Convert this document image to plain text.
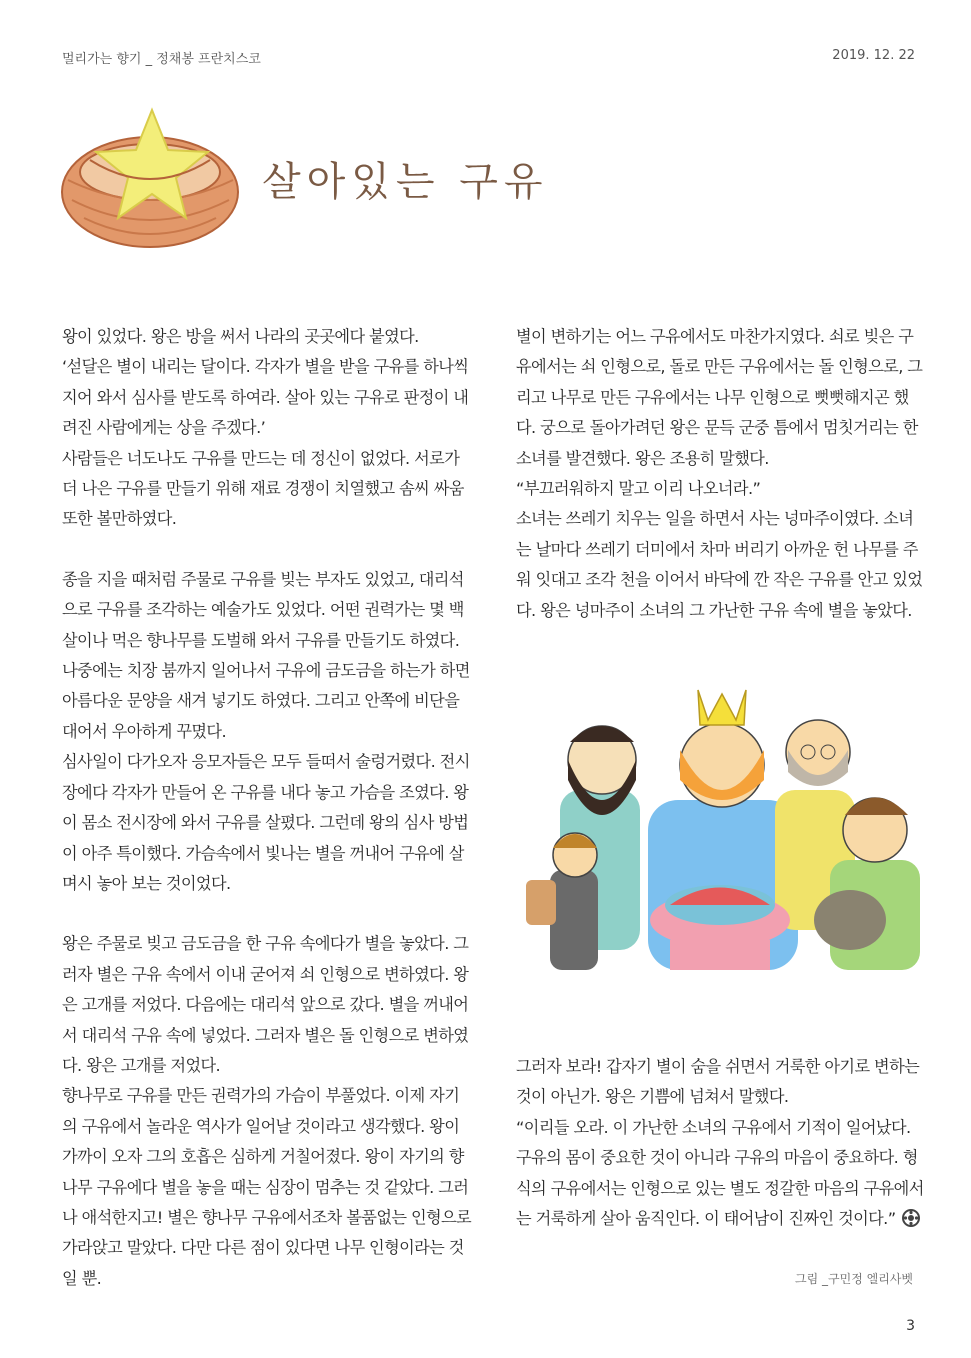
멀리가는 향기 _ 정채봉 프란치스코	2019. 12. 22
살아있는 구유

왕이 있었다. 왕은 방을 써서 나라의 곳곳에다 붙였다.

‘섣달은 별이 내리는 달이다. 각자가 별을 받을 구유를 하나씩 지어 와서 심사를 받도록 하여라. 살아 있는 구유로 판정이 내려진 사람에게는 상을 주겠다.’

사람들은 너도나도 구유를 만드는 데 정신이 없었다. 서로가 더 나은 구유를 만들기 위해 재료 경쟁이 치열했고 솜씨 싸움 또한 볼만하였다.

종을 지을 때처럼 주물로 구유를 빚는 부자도 있었고, 대리석으로 구유를 조각하는 예술가도 있었다. 어떤 권력가는 몇 백 살이나 먹은 향나무를 도벌해 와서 구유를 만들기도 하였다. 나중에는 치장 붐까지 일어나서 구유에 금도금을 하는가 하면 아름다운 문양을 새겨 넣기도 하였다. 그리고 안쪽에 비단을 대어서 우아하게 꾸몄다.

심사일이 다가오자 응모자들은 모두 들떠서 술렁거렸다. 전시장에다 각자가 만들어 온 구유를 내다 놓고 가슴을 조였다. 왕이 몸소 전시장에 와서 구유를 살폈다. 그런데 왕의 심사 방법이 아주 특이했다. 가슴속에서 빛나는 별을 꺼내어 구유에 살며시 놓아 보는 것이었다.

왕은 주물로 빚고 금도금을 한 구유 속에다가 별을 놓았다. 그러자 별은 구유 속에서 이내 굳어져 쇠 인형으로 변하였다. 왕은 고개를 저었다. 다음에는 대리석 앞으로 갔다. 별을 꺼내어서 대리석 구유 속에 넣었다. 그러자 별은 돌 인형으로 변하였다. 왕은 고개를 저었다.

향나무로 구유를 만든 권력가의 가슴이 부풀었다. 이제 자기의 구유에서 놀라운 역사가 일어날 것이라고 생각했다. 왕이 가까이 오자 그의 호흡은 심하게 거칠어졌다. 왕이 자기의 향나무 구유에다 별을 놓을 때는 심장이 멈추는 것 같았다. 그러나 애석한지고! 별은 향나무 구유에서조차 볼품없는 인형으로 가라앉고 말았다. 다만 다른 점이 있다면 나무 인형이라는 것일 뿐.

별이 변하기는 어느 구유에서도 마찬가지였다. 쇠로 빚은 구유에서는 쇠 인형으로, 돌로 만든 구유에서는 돌 인형으로, 그리고 나무로 만든 구유에서는 나무 인형으로 뻣뻣해지곤 했다. 궁으로 돌아가려던 왕은 문득 군중 틈에서 멈칫거리는 한 소녀를 발견했다. 왕은 조용히 말했다.

“부끄러워하지 말고 이리 나오너라.”

소녀는 쓰레기 치우는 일을 하면서 사는 넝마주이였다. 소녀는 날마다 쓰레기 더미에서 차마 버리기 아까운 헌 나무를 주워 잇대고 조각 천을 이어서 바닥에 깐 작은 구유를 안고 있었다. 왕은 넝마주이 소녀의 그 가난한 구유 속에 별을 놓았다.

그러자 보라! 갑자기 별이 숨을 쉬면서 거룩한 아기로 변하는 것이 아닌가. 왕은 기쁨에 넘쳐서 말했다.

“이리들 오라. 이 가난한 소녀의 구유에서 기적이 일어났다. 구유의 몸이 중요한 것이 아니라 구유의 마음이 중요하다. 형식의 구유에서는 인형으로 있는 별도 정갈한 마음의 구유에서는 거룩하게 살아 움직인다. 이 태어남이 진짜인 것이다.”

그림 _구민정 엘리사벳
3
